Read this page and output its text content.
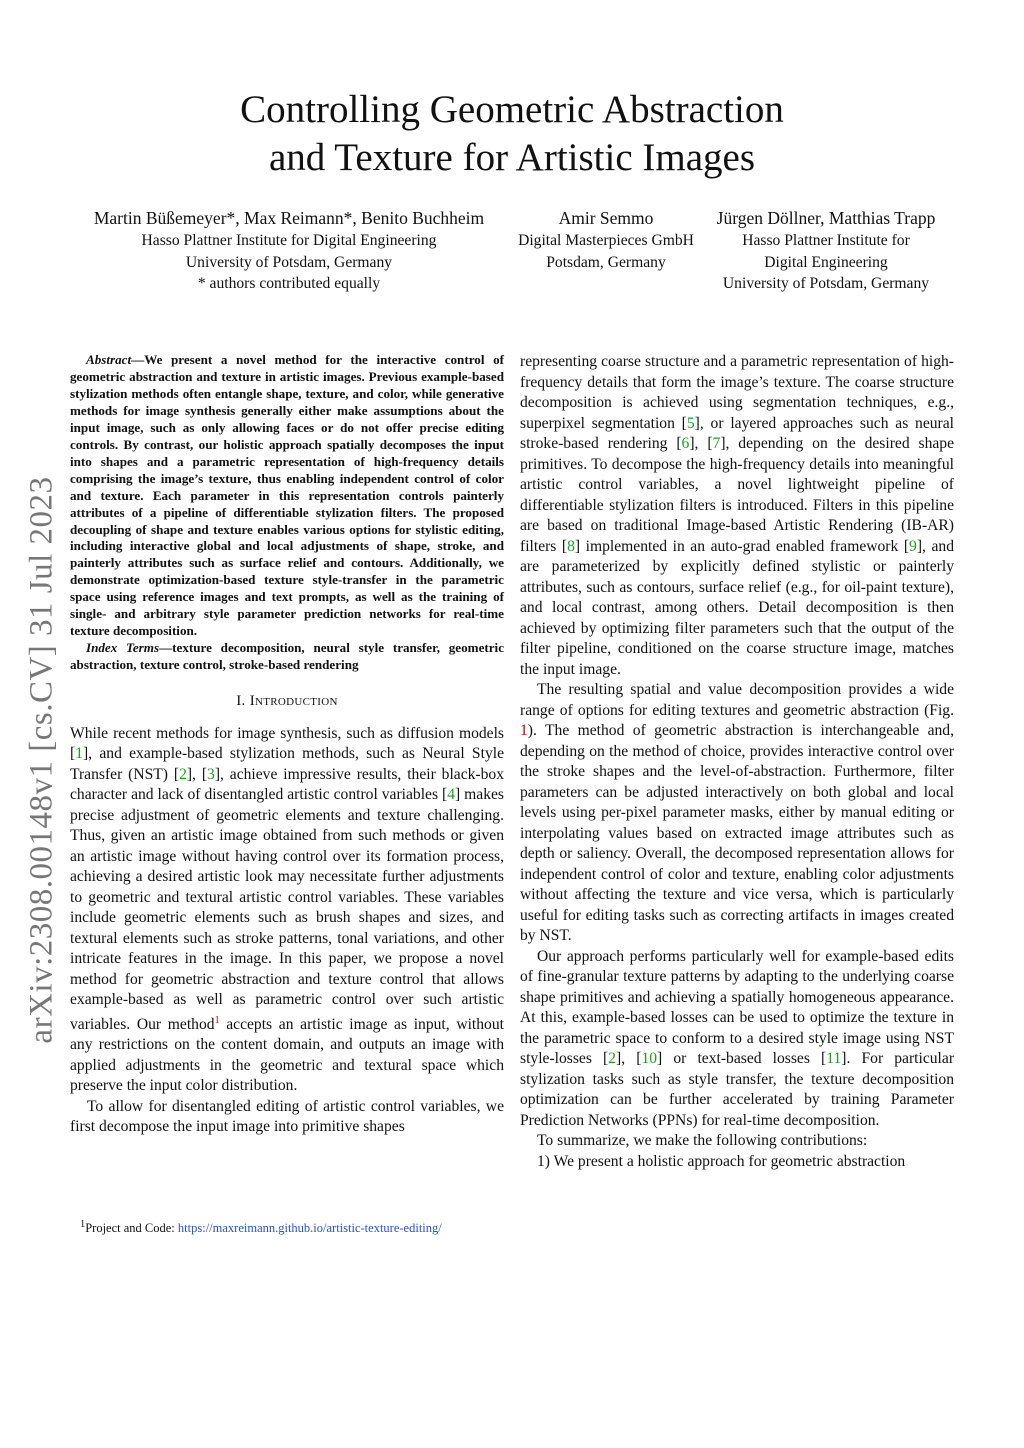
arXiv:2308.00148v1 [cs.CV] 31 Jul 2023
Controlling Geometric Abstraction
and Texture for Artistic Images
Martin Büßemeyer*, Max Reimann*, Benito Buchheim
Hasso Plattner Institute for Digital Engineering
University of Potsdam, Germany
* authors contributed equally
Amir Semmo
Digital Masterpieces GmbH
Potsdam, Germany
Jürgen Döllner, Matthias Trapp
Hasso Plattner Institute for
Digital Engineering
University of Potsdam, Germany

Abstract—We present a novel method for the interactive control of geometric abstraction and texture in artistic images. Previous example-based stylization methods often entangle shape, texture, and color, while generative methods for image synthesis generally either make assumptions about the input image, such as only allowing faces or do not offer precise editing controls. By contrast, our holistic approach spatially decomposes the input into shapes and a parametric representation of high-frequency details comprising the image’s texture, thus enabling independent control of color and texture. Each parameter in this representation controls painterly attributes of a pipeline of differentiable stylization filters. The proposed decoupling of shape and texture enables various options for stylistic editing, including interactive global and local adjustments of shape, stroke, and painterly attributes such as surface relief and contours. Additionally, we demonstrate optimization-based texture style-transfer in the parametric space using reference images and text prompts, as well as the training of single- and arbitrary style parameter prediction networks for real-time texture decomposition.

Index Terms—texture decomposition, neural style transfer, geometric abstraction, texture control, stroke-based rendering

I. Introduction

While recent methods for image synthesis, such as diffusion models [1], and example-based stylization methods, such as Neural Style Transfer (NST) [2], [3], achieve impressive results, their black-box character and lack of disentangled artistic control variables [4] makes precise adjustment of geometric elements and texture challenging. Thus, given an artistic image obtained from such methods or given an artistic image without having control over its formation process, achieving a desired artistic look may necessitate further adjustments to geometric and textural artistic control variables. These variables include geometric elements such as brush shapes and sizes, and textural elements such as stroke patterns, tonal variations, and other intricate features in the image. In this paper, we propose a novel method for geometric abstraction and texture control that allows example-based as well as parametric control over such artistic variables. Our method$^1$ accepts an artistic image as input, without any restrictions on the content domain, and outputs an image with applied adjustments in the geometric and textural space which preserve the input color distribution.

To allow for disentangled editing of artistic control variables, we first decompose the input image into primitive shapes

representing coarse structure and a parametric representation of high-frequency details that form the image’s texture. The coarse structure decomposition is achieved using segmentation techniques, e.g., superpixel segmentation [5], or layered approaches such as neural stroke-based rendering [6], [7], depending on the desired shape primitives. To decompose the high-frequency details into meaningful artistic control variables, a novel lightweight pipeline of differentiable stylization filters is introduced. Filters in this pipeline are based on traditional Image-based Artistic Rendering (IB-AR) filters [8] implemented in an auto-grad enabled framework [9], and are parameterized by explicitly defined stylistic or painterly attributes, such as contours, surface relief (e.g., for oil-paint texture), and local contrast, among others. Detail decomposition is then achieved by optimizing filter parameters such that the output of the filter pipeline, conditioned on the coarse structure image, matches the input image.

The resulting spatial and value decomposition provides a wide range of options for editing textures and geometric abstraction (Fig. 1). The method of geometric abstraction is interchangeable and, depending on the method of choice, provides interactive control over the stroke shapes and the level-of-abstraction. Furthermore, filter parameters can be adjusted interactively on both global and local levels using per-pixel parameter masks, either by manual editing or interpolating values based on extracted image attributes such as depth or saliency. Overall, the decomposed representation allows for independent control of color and texture, enabling color adjustments without affecting the texture and vice versa, which is particularly useful for editing tasks such as correcting artifacts in images created by NST.

Our approach performs particularly well for example-based edits of fine-granular texture patterns by adapting to the underlying coarse shape primitives and achieving a spatially homogeneous appearance. At this, example-based losses can be used to optimize the texture in the parametric space to conform to a desired style image using NST style-losses [2], [10] or text-based losses [11]. For particular stylization tasks such as style transfer, the texture decomposition optimization can be further accelerated by training Parameter Prediction Networks (PPNs) for real-time decomposition.

To summarize, we make the following contributions:

1) We present a holistic approach for geometric abstraction
$^1$Project and Code: https://maxreimann.github.io/artistic-texture-editing/
